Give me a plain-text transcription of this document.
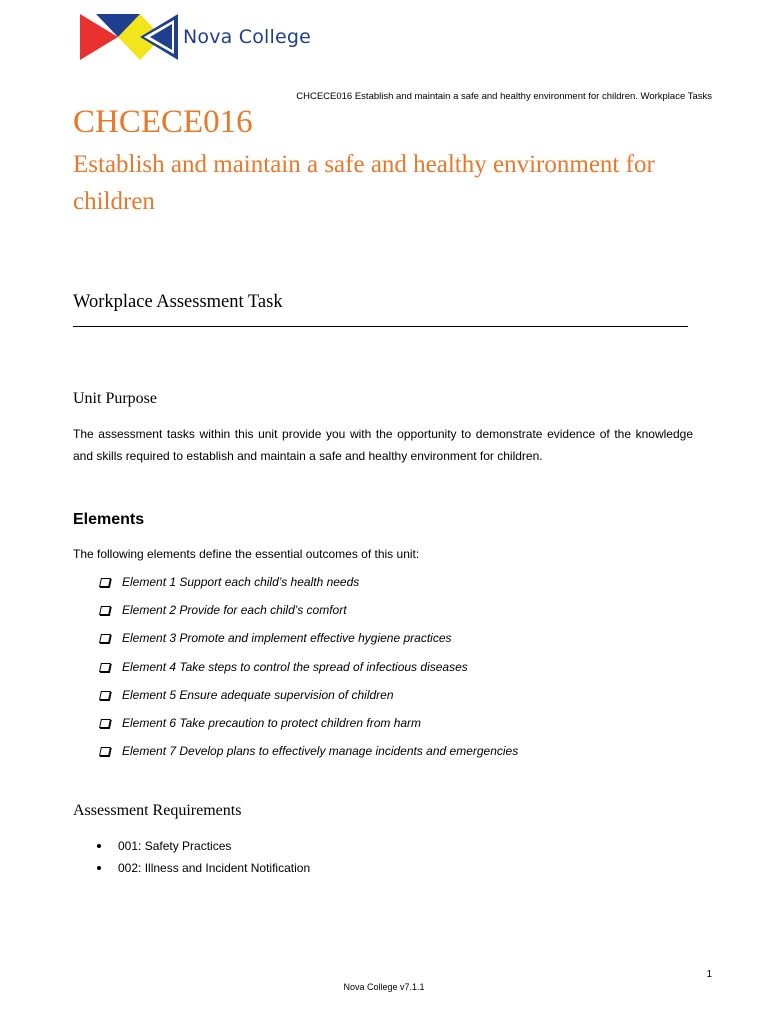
Nova College
CHCECE016 Establish and maintain a safe and healthy environment for children. Workplace Tasks
CHCECE016
Establish and maintain a safe and healthy environment for children
Workplace Assessment Task
Unit Purpose
The assessment tasks within this unit provide you with the opportunity to demonstrate evidence of the knowledge and skills required to establish and maintain a safe and healthy environment for children.
Elements
The following elements define the essential outcomes of this unit:
Element 1 Support each child’s health needs
Element 2 Provide for each child’s comfort
Element 3 Promote and implement effective hygiene practices
Element 4 Take steps to control the spread of infectious diseases
Element 5 Ensure adequate supervision of children
Element 6 Take precaution to protect children from harm
Element 7 Develop plans to effectively manage incidents and emergencies
Assessment Requirements
001: Safety Practices
002: Illness and Incident Notification
1
Nova College v7.1.1
